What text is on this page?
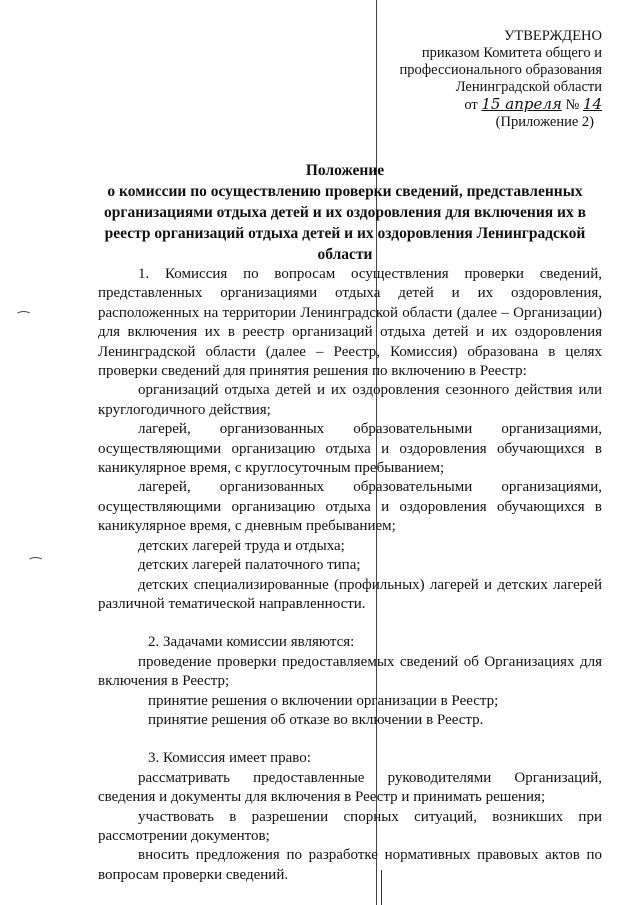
⁀
⁀
УТВЕРЖДЕНО
приказом Комитета общего и
профессионального образования
Ленинградской области
от 15 апреля № 14
(Приложение 2)
Положение
о комиссии по осуществлению проверки сведений, представленных
организациями отдыха детей и их оздоровления для включения их в
реестр организаций отдыха детей и их оздоровления Ленинградской
области

1. Комиссия по вопросам осуществления проверки сведений, представленных организациями отдыха детей и их оздоровления, расположенных на территории Ленинградской области (далее – Организации) для включения их в реестр организаций отдыха детей и их оздоровления Ленинградской области (далее – Реестр, Комиссия) образована в целях проверки сведений для принятия решения по включению в Реестр:

организаций отдыха детей и их оздоровления сезонного действия или круглогодичного действия;

лагерей, организованных образовательными организациями, осуществляющими организацию отдыха и оздоровления обучающихся в каникулярное время, с круглосуточным пребыванием;

лагерей, организованных образовательными организациями, осуществляющими организацию отдыха и оздоровления обучающихся в каникулярное время, с дневным пребыванием;

детских лагерей труда и отдыха;

детских лагерей палаточного типа;

детских специализированные (профильных) лагерей и детских лагерей различной тематической направленности.

2. Задачами комиссии являются:

проведение проверки предоставляемых сведений об Организациях для включения в Реестр;

принятие решения о включении организации в Реестр;

принятие решения об отказе во включении в Реестр.

3. Комиссия имеет право:

рассматривать предоставленные руководителями Организаций, сведения и документы для включения в Реестр и принимать решения;

участвовать в разрешении спорных ситуаций, возникших при рассмотрении документов;

вносить предложения по разработке нормативных правовых актов по вопросам проверки сведений.
